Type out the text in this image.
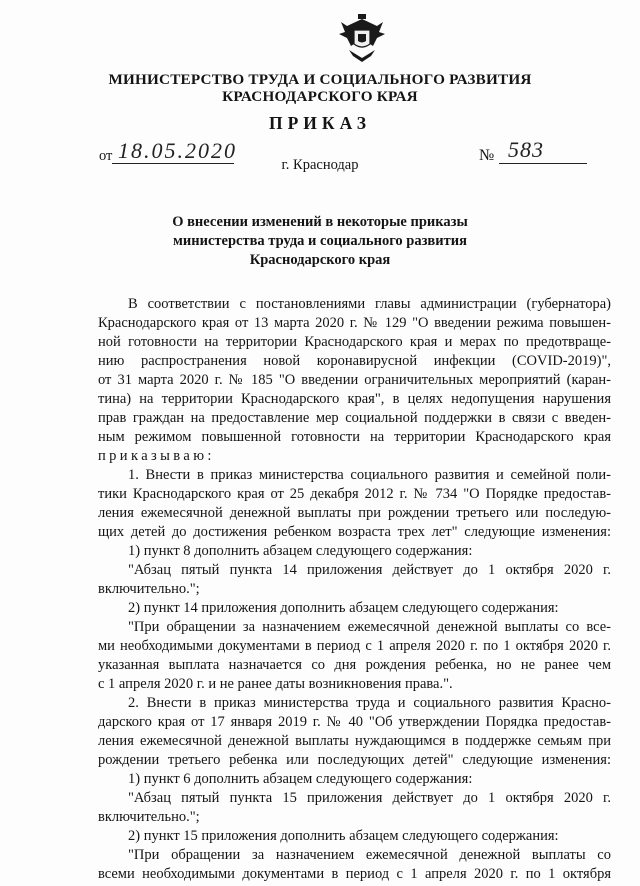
МИНИСТЕРСТВО ТРУДА И СОЦИАЛЬНОГО РАЗВИТИЯ
КРАСНОДАРСКОГО КРАЯ
ПРИКАЗ
от 18.05.2020
г. Краснодар
№ 583
О внесении изменений в некоторые приказы
министерства труда и социального развития
Краснодарского края
В соответствии с постановлениями главы администрации (губернатора)
Краснодарского края от 13 марта 2020 г. № 129 "О введении режима повышен-
ной готовности на территории Краснодарского края и мерах по предотвраще-
нию распространения новой коронавирусной инфекции (COVID-2019)",
от 31 марта 2020 г. № 185 "О введении ограничительных мероприятий (каран-
тина) на территории Краснодарского края", в целях недопущения нарушения
прав граждан на предоставление мер социальной поддержки в связи с введен-
ным режимом повышенной готовности на территории Краснодарского края
приказываю:
1. Внести в приказ министерства социального развития и семейной поли-
тики Краснодарского края от 25 декабря 2012 г. № 734 "О Порядке предостав-
ления ежемесячной денежной выплаты при рождении третьего или последую-
щих детей до достижения ребенком возраста трех лет" следующие изменения:
1) пункт 8 дополнить абзацем следующего содержания:
"Абзац пятый пункта 14 приложения действует до 1 октября 2020 г.
включительно.";
2) пункт 14 приложения дополнить абзацем следующего содержания:
"При обращении за назначением ежемесячной денежной выплаты со все-
ми необходимыми документами в период с 1 апреля 2020 г. по 1 октября 2020 г.
указанная выплата назначается со дня рождения ребенка, но не ранее чем
с 1 апреля 2020 г. и не ранее даты возникновения права.".
2. Внести в приказ министерства труда и социального развития Красно-
дарского края от 17 января 2019 г. № 40 "Об утверждении Порядка предостав-
ления ежемесячной денежной выплаты нуждающимся в поддержке семьям при
рождении третьего ребенка или последующих детей" следующие изменения:
1) пункт 6 дополнить абзацем следующего содержания:
"Абзац пятый пункта 15 приложения действует до 1 октября 2020 г.
включительно.";
2) пункт 15 приложения дополнить абзацем следующего содержания:
"При обращении за назначением ежемесячной денежной выплаты со
всеми необходимыми документами в период с 1 апреля 2020 г. по 1 октября
